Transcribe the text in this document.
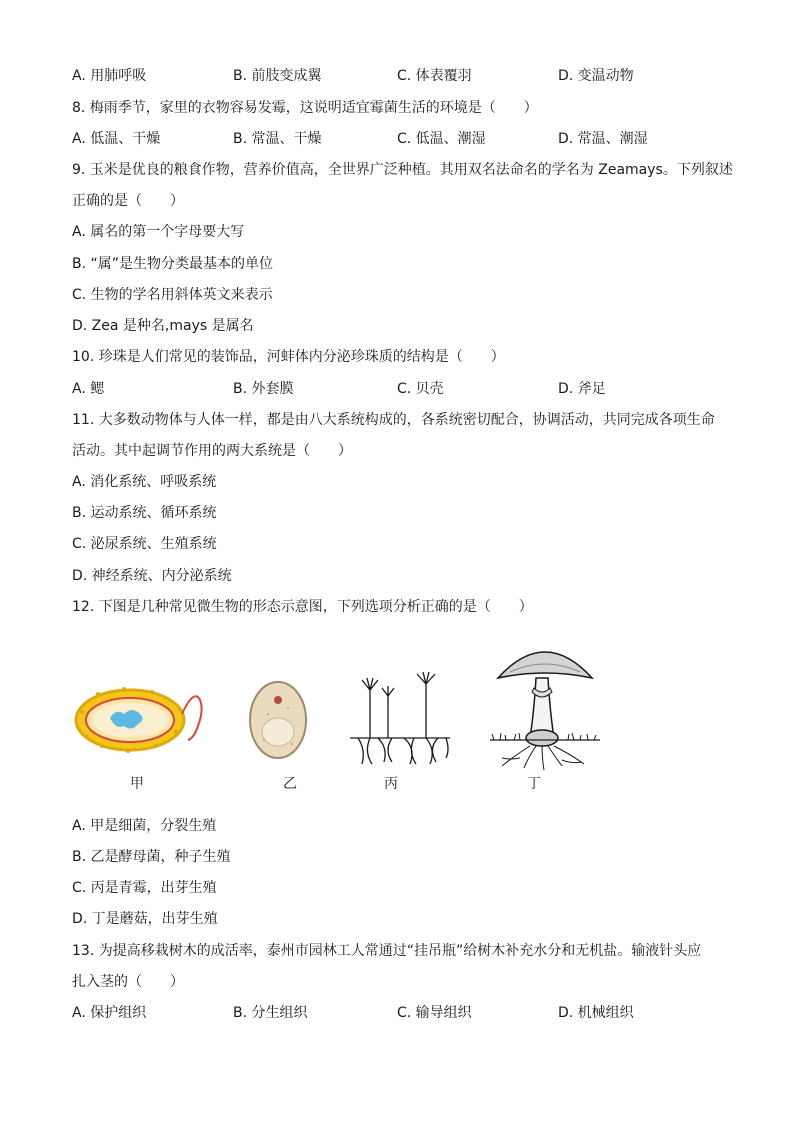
A. 用肺呼吸	B. 前肢变成翼	C. 体表覆羽	D. 变温动物
8. 梅雨季节，家里的衣物容易发霉，这说明适宜霉菌生活的环境是（　　）
A. 低温、干燥	B. 常温、干燥	C. 低温、潮湿	D. 常温、潮湿
9. 玉米是优良的粮食作物，营养价值高，全世界广泛种植。其用双名法命名的学名为 Zeamays。下列叙述
正确的是（　　）
A. 属名的第一个字母要大写
B. “属”是生物分类最基本的单位
C. 生物的学名用斜体英文来表示
D. Zea 是种名,mays 是属名
10. 珍珠是人们常见的装饰品，河蚌体内分泌珍珠质的结构是（　　）
A. 鳃	B. 外套膜	C. 贝壳	D. 斧足
11. 大多数动物体与人体一样，都是由八大系统构成的，各系统密切配合，协调活动，共同完成各项生命
活动。其中起调节作用的两大系统是（　　）
A. 消化系统、呼吸系统
B. 运动系统、循环系统
C. 泌尿系统、生殖系统
D. 神经系统、内分泌系统
12. 下图是几种常见微生物的形态示意图，下列选项分析正确的是（　　）
甲	乙	丙	丁
A. 甲是细菌，分裂生殖
B. 乙是酵母菌，种子生殖
C. 丙是青霉，出芽生殖
D. 丁是蘑菇，出芽生殖
13. 为提高移栽树木的成活率，泰州市园林工人常通过“挂吊瓶”给树木补充水分和无机盐。输液针头应
扎入茎的（　　）
A. 保护组织	B. 分生组织	C. 输导组织	D. 机械组织
